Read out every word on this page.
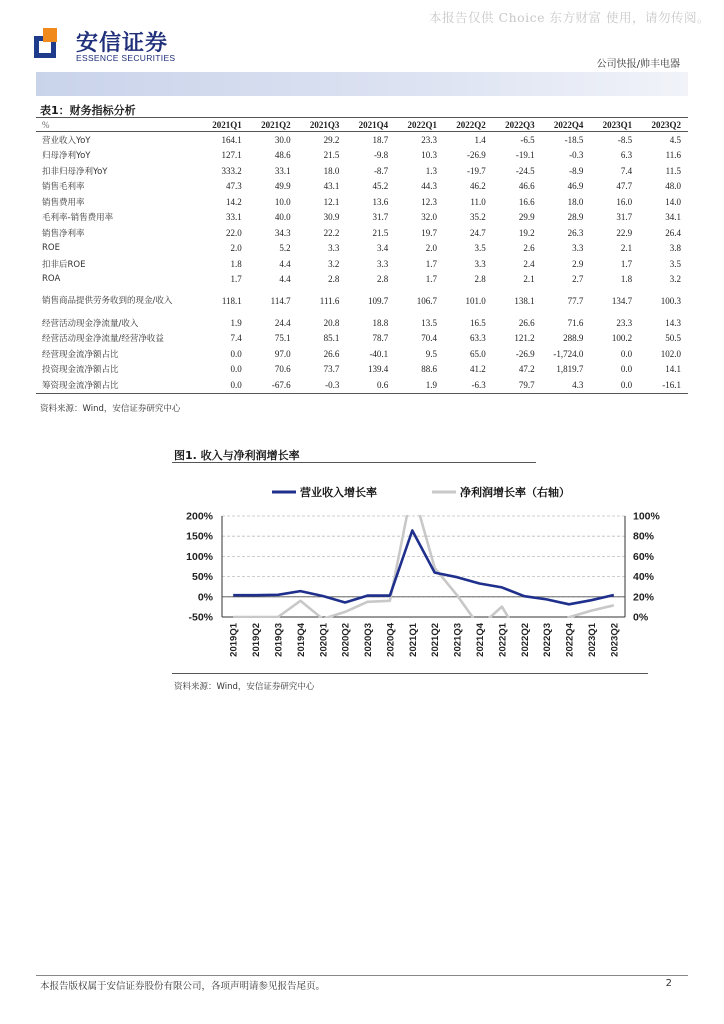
本报告仅供 Choice 东方财富 使用，请勿传阅。
安信证券
ESSENCE SECURITIES
公司快报/帅丰电器
表1：财务指标分析
%	2021Q1	2021Q2	2021Q3	2021Q4	2022Q1	2022Q2	2022Q3	2022Q4	2023Q1	2023Q2
营业收入YoY	164.1	30.0	29.2	18.7	23.3	1.4	-6.5	-18.5	-8.5	4.5
归母净利YoY	127.1	48.6	21.5	-9.8	10.3	-26.9	-19.1	-0.3	6.3	11.6
扣非归母净利YoY	333.2	33.1	18.0	-8.7	1.3	-19.7	-24.5	-8.9	7.4	11.5
销售毛利率	47.3	49.9	43.1	45.2	44.3	46.2	46.6	46.9	47.7	48.0
销售费用率	14.2	10.0	12.1	13.6	12.3	11.0	16.6	18.0	16.0	14.0
毛利率-销售费用率	33.1	40.0	30.9	31.7	32.0	35.2	29.9	28.9	31.7	34.1
销售净利率	22.0	34.3	22.2	21.5	19.7	24.7	19.2	26.3	22.9	26.4
ROE	2.0	5.2	3.3	3.4	2.0	3.5	2.6	3.3	2.1	3.8
扣非后ROE	1.8	4.4	3.2	3.3	1.7	3.3	2.4	2.9	1.7	3.5
ROA	1.7	4.4	2.8	2.8	1.7	2.8	2.1	2.7	1.8	3.2
销售商品提供劳务收到的现金/收入	118.1	114.7	111.6	109.7	106.7	101.0	138.1	77.7	134.7	100.3
经营活动现金净流量/收入	1.9	24.4	20.8	18.8	13.5	16.5	26.6	71.6	23.3	14.3
经营活动现金净流量/经营净收益	7.4	75.1	85.1	78.7	70.4	63.3	121.2	288.9	100.2	50.5
经营现金流净额占比	0.0	97.0	26.6	-40.1	9.5	65.0	-26.9	-1,724.0	0.0	102.0
投资现金流净额占比	0.0	70.6	73.7	139.4	88.6	41.2	47.2	1,819.7	0.0	14.1
筹资现金流净额占比	0.0	-67.6	-0.3	0.6	1.9	-6.3	79.7	4.3	0.0	-16.1
资料来源：Wind，安信证券研究中心
图1. 收入与净利润增长率
200%	100%
150%	80%
100%	60%
50%	40%
0%	20%
-50%	0%
2019Q1 2019Q2 2019Q3 2019Q4 2020Q1 2020Q2 2020Q3 2020Q4 2021Q1 2021Q2 2021Q3 2021Q4 2022Q1 2022Q2 2022Q3 2022Q4 2023Q1 2023Q2
营业收入增长率	净利润增长率（右轴）
资料来源：Wind，安信证券研究中心
本报告版权属于安信证券股份有限公司，各项声明请参见报告尾页。	2
